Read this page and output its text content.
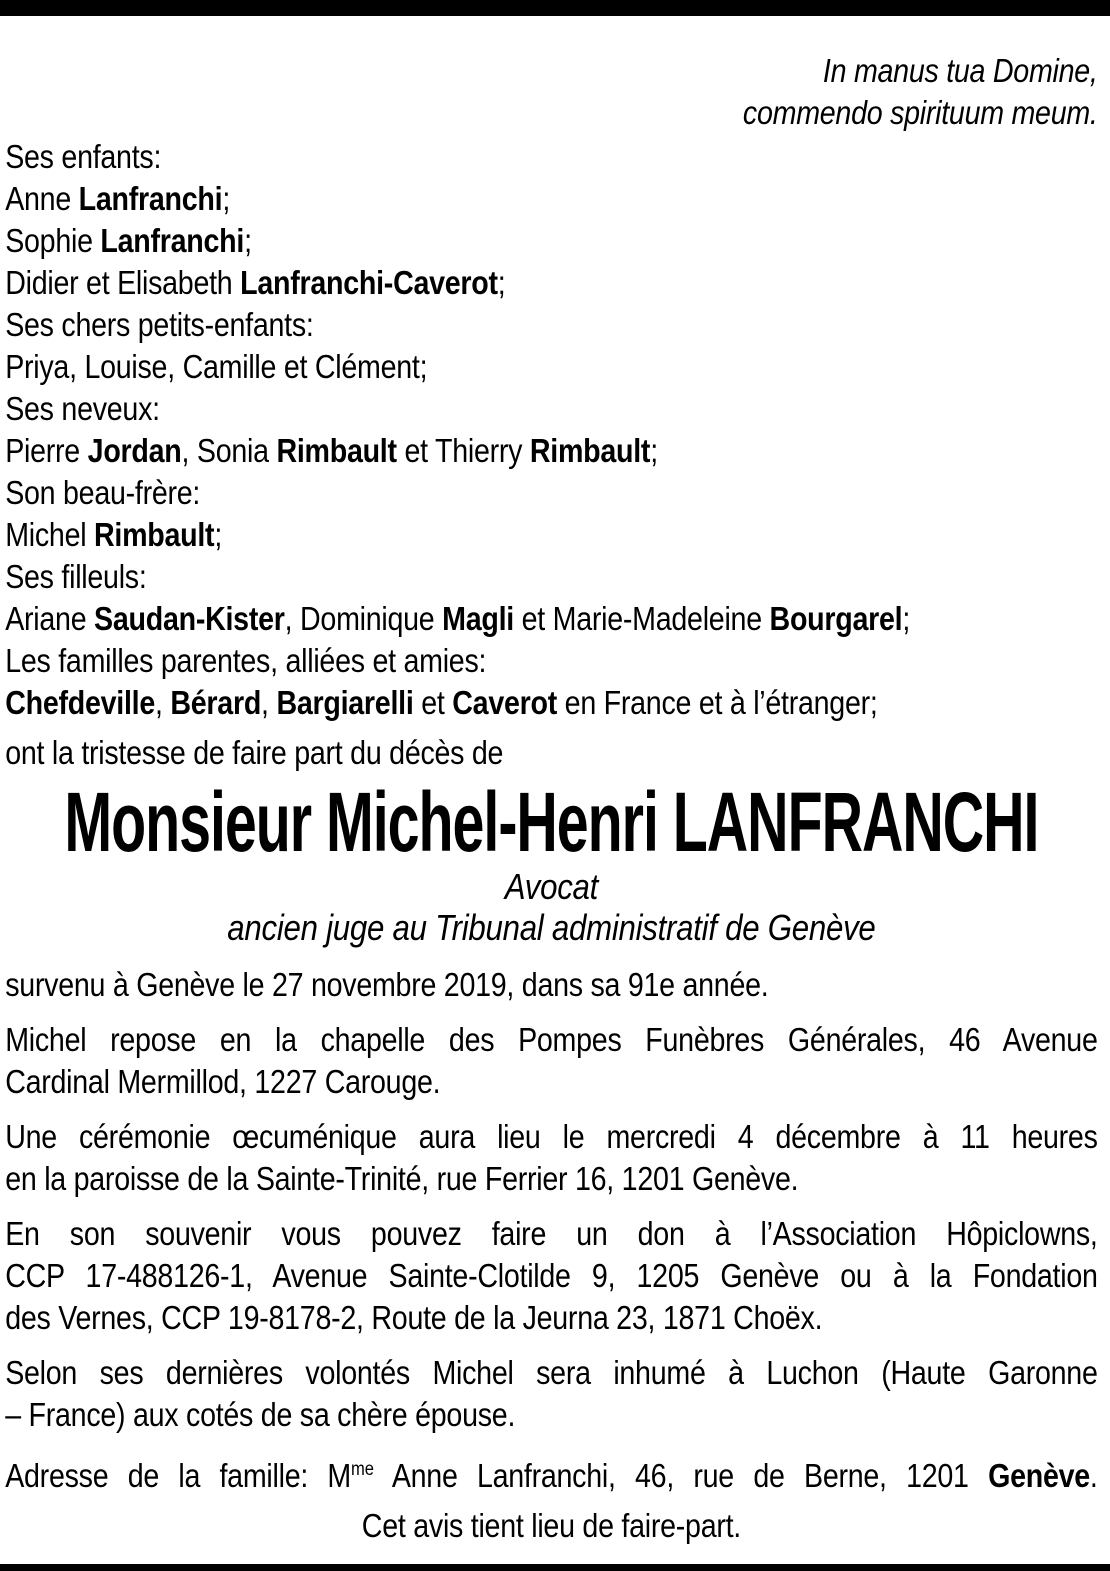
In manus tua Domine,
commendo spirituum meum.
Ses enfants:
Anne Lanfranchi;
Sophie Lanfranchi;
Didier et Elisabeth Lanfranchi-Caverot;
Ses chers petits-enfants:
Priya, Louise, Camille et Clément;
Ses neveux:
Pierre Jordan, Sonia Rimbault et Thierry Rimbault;
Son beau-frère:
Michel Rimbault;
Ses filleuls:
Ariane Saudan-Kister, Dominique Magli et Marie-Madeleine Bourgarel;
Les familles parentes, alliées et amies:
Chefdeville, Bérard, Bargiarelli et Caverot en France et à l’étranger;
ont la tristesse de faire part du décès de
Monsieur Michel-Henri LANFRANCHI
Avocat
ancien juge au Tribunal administratif de Genève
survenu à Genève le 27 novembre 2019, dans sa 91e année.
Michel repose en la chapelle des Pompes Funèbres Générales, 46 Avenue
Cardinal Mermillod, 1227 Carouge.
Une cérémonie œcuménique aura lieu le mercredi 4 décembre à 11 heures
en la paroisse de la Sainte-Trinité, rue Ferrier 16, 1201 Genève.
En son souvenir vous pouvez faire un don à l’Association Hôpiclowns,
CCP 17-488126-1, Avenue Sainte-Clotilde 9, 1205 Genève ou à la Fondation
des Vernes, CCP 19-8178-2, Route de la Jeurna 23, 1871 Choëx.
Selon ses dernières volontés Michel sera inhumé à Luchon (Haute Garonne
– France) aux cotés de sa chère épouse.
Adresse de la famille: $M^{me}$ Anne Lanfranchi, 46, rue de Berne, 1201 Genève.
Cet avis tient lieu de faire-part.
